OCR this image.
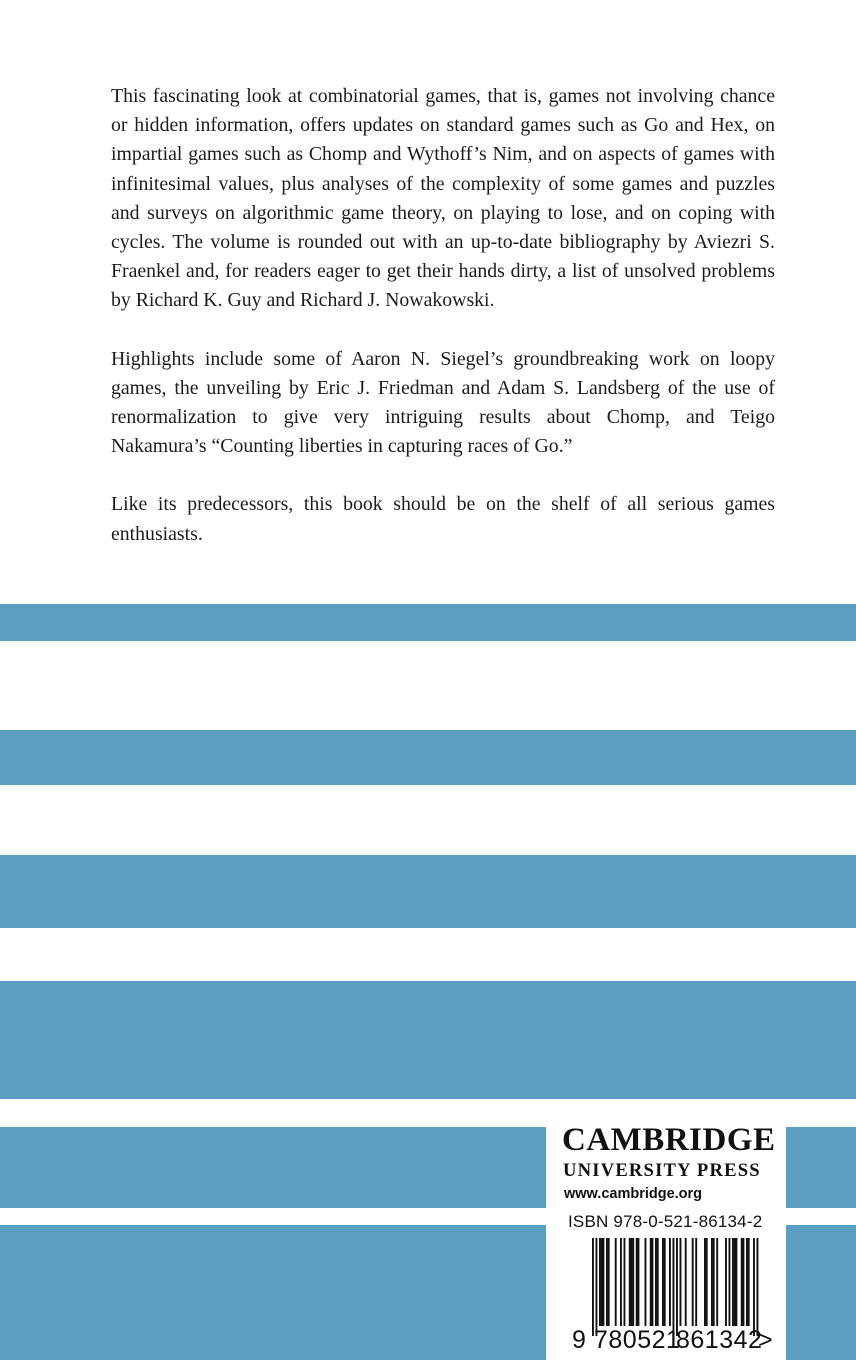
This fascinating look at combinatorial games, that is, games not involving chance or hidden information, offers updates on standard games such as Go and Hex, on impartial games such as Chomp and Wythoff’s Nim, and on aspects of games with infinitesimal values, plus analyses of the complexity of some games and puzzles and surveys on algorithmic game theory, on playing to lose, and on coping with cycles. The volume is rounded out with an up-to-date bibliography by Aviezri S. Fraenkel and, for readers eager to get their hands dirty, a list of unsolved problems by Richard K. Guy and Richard J. Nowakowski.

Highlights include some of Aaron N. Siegel’s groundbreaking work on loopy games, the unveiling by Eric J. Friedman and Adam S. Landsberg of the use of renormalization to give very intriguing results about Chomp, and Teigo Nakamura’s “Counting liberties in capturing races of Go.”

Like its predecessors, this book should be on the shelf of all serious games enthusiasts.

CAMBRIDGE
UNIVERSITY PRESS
www.cambridge.org
ISBN 978-0-521-86134-2
9 780521
861342
>
